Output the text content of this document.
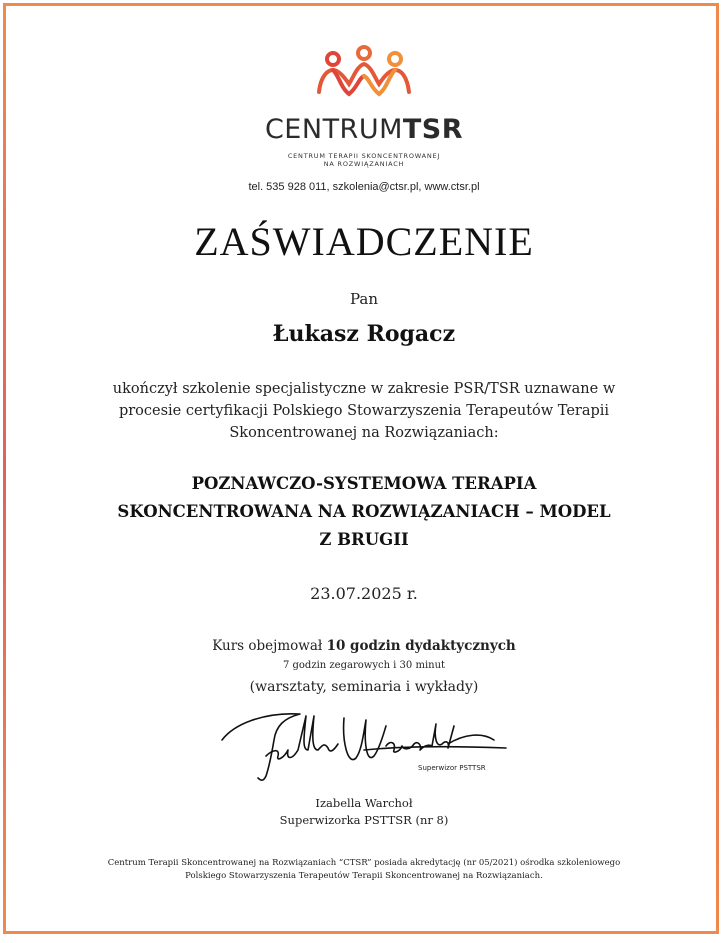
CENTRUMTSR
CENTRUM TERAPII SKONCENTROWANEJ
NA ROZWIĄZANIACH
tel. 535 928 011, szkolenia@ctsr.pl, www.ctsr.pl
ZAŚWIADCZENIE
Pan
Łukasz Rogacz
ukończył szkolenie specjalistyczne w zakresie PSR/TSR uznawane w procesie certyfikacji Polskiego Stowarzyszenia Terapeutów Terapii Skoncentrowanej na Rozwiązaniach:
POZNAWCZO-SYSTEMOWA TERAPIA
SKONCENTROWANA NA ROZWIĄZANIACH – MODEL
Z BRUGII
23.07.2025 r.
Kurs obejmował 10 godzin dydaktycznych
7 godzin zegarowych i 30 minut
(warsztaty, seminaria i wykłady)
Superwizor PSTTSR
Izabella Warchoł
Superwizorka PSTTSR (nr 8)
Centrum Terapii Skoncentrowanej na Rozwiązaniach “CTSR” posiada akredytację (nr 05/2021) ośrodka szkoleniowego
Polskiego Stowarzyszenia Terapeutów Terapii Skoncentrowanej na Rozwiązaniach.
